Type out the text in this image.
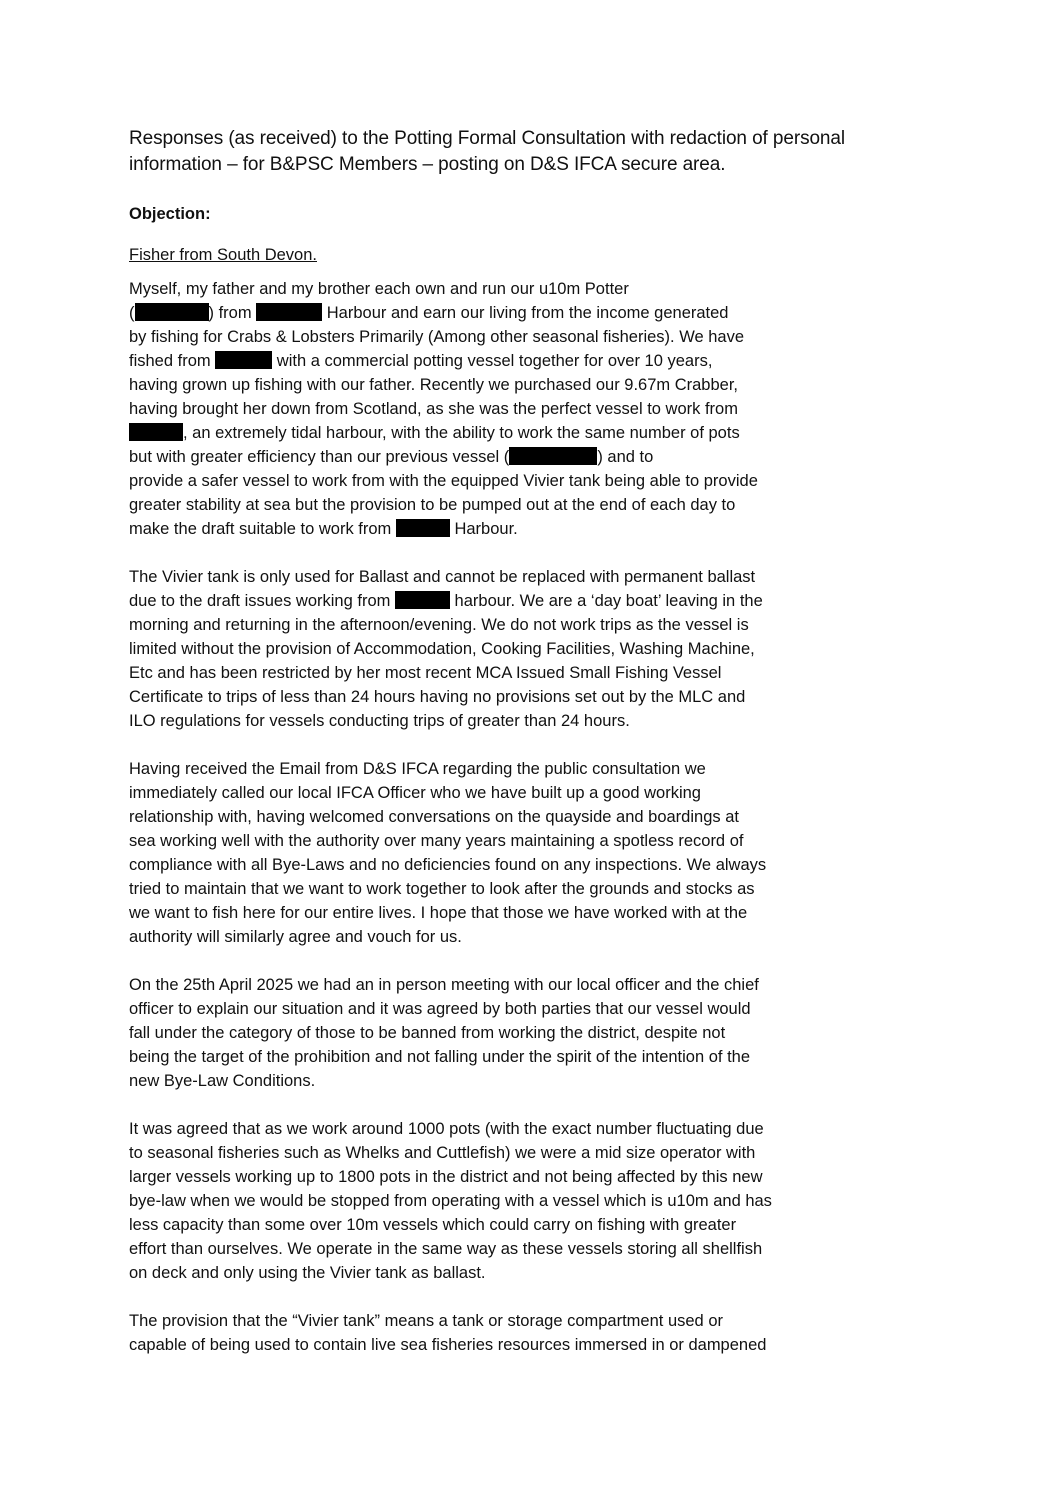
Responses (as received) to the Potting Formal Consultation with redaction of personal
information – for B&PSC Members – posting on D&S IFCA secure area.
Objection:
Fisher from South Devon.
Myself, my father and my brother each own and run our u10m Potter
(	) from	Harbour and earn our living from the income generated
by fishing for Crabs & Lobsters Primarily (Among other seasonal fisheries). We have
fished from	with a commercial potting vessel together for over 10 years,
having grown up fishing with our father. Recently we purchased our 9.67m Crabber,
having brought her down from Scotland, as she was the perfect vessel to work from
, an extremely tidal harbour, with the ability to work the same number of pots
but with greater efficiency than our previous vessel (	) and to
provide a safer vessel to work from with the equipped Vivier tank being able to provide
greater stability at sea but the provision to be pumped out at the end of each day to
make the draft suitable to work from	Harbour.
The Vivier tank is only used for Ballast and cannot be replaced with permanent ballast
due to the draft issues working from	harbour. We are a ‘day boat’ leaving in the
morning and returning in the afternoon/evening. We do not work trips as the vessel is
limited without the provision of Accommodation, Cooking Facilities, Washing Machine,
Etc and has been restricted by her most recent MCA Issued Small Fishing Vessel
Certificate to trips of less than 24 hours having no provisions set out by the MLC and
ILO regulations for vessels conducting trips of greater than 24 hours.
Having received the Email from D&S IFCA regarding the public consultation we
immediately called our local IFCA Officer who we have built up a good working
relationship with, having welcomed conversations on the quayside and boardings at
sea working well with the authority over many years maintaining a spotless record of
compliance with all Bye-Laws and no deficiencies found on any inspections. We always
tried to maintain that we want to work together to look after the grounds and stocks as
we want to fish here for our entire lives. I hope that those we have worked with at the
authority will similarly agree and vouch for us.
On the 25th April 2025 we had an in person meeting with our local officer and the chief
officer to explain our situation and it was agreed by both parties that our vessel would
fall under the category of those to be banned from working the district, despite not
being the target of the prohibition and not falling under the spirit of the intention of the
new Bye-Law Conditions.
It was agreed that as we work around 1000 pots (with the exact number fluctuating due
to seasonal fisheries such as Whelks and Cuttlefish) we were a mid size operator with
larger vessels working up to 1800 pots in the district and not being affected by this new
bye-law when we would be stopped from operating with a vessel which is u10m and has
less capacity than some over 10m vessels which could carry on fishing with greater
effort than ourselves. We operate in the same way as these vessels storing all shellfish
on deck and only using the Vivier tank as ballast.
The provision that the “Vivier tank” means a tank or storage compartment used or
capable of being used to contain live sea fisheries resources immersed in or dampened
